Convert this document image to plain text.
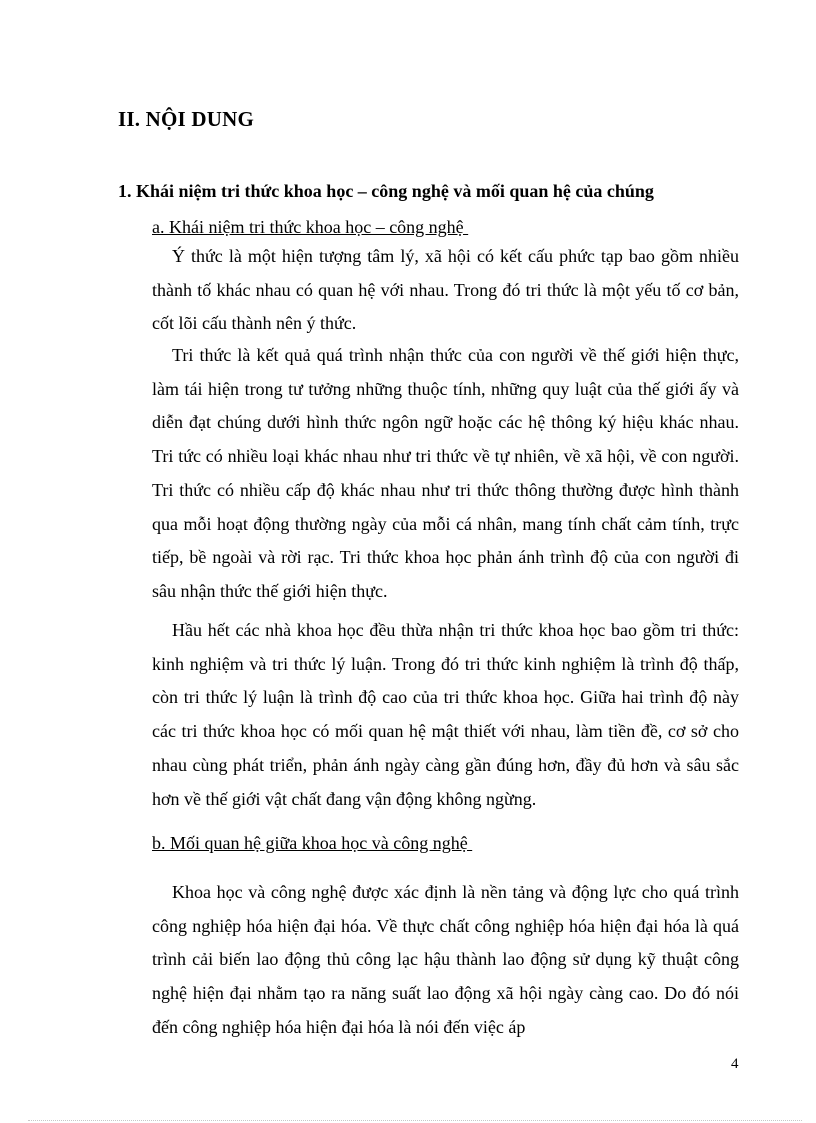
II. NỘI DUNG
1. Khái niệm tri thức khoa học – công nghệ và mối quan hệ của chúng
a. Khái niệm tri thức khoa học – công nghệ

Ý thức là một hiện tượng tâm lý, xã hội có kết cấu phức tạp bao gồm nhiều thành tố khác nhau có quan hệ với nhau. Trong đó tri thức là một yếu tố cơ bản, cốt lõi cấu thành nên ý thức.

Tri thức là kết quả quá trình nhận thức của con người về thế giới hiện thực, làm tái hiện trong tư tưởng những thuộc tính, những quy luật của thế giới ấy và diễn đạt chúng dưới hình thức ngôn ngữ hoặc các hệ thông ký hiệu khác nhau. Tri tức có nhiều loại khác nhau như tri thức về tự nhiên, về xã hội, về con người. Tri thức có nhiều cấp độ khác nhau như tri thức thông thường được hình thành qua mỗi hoạt động thường ngày của mỗi cá nhân, mang tính chất cảm tính, trực tiếp, bề ngoài và rời rạc. Tri thức khoa học phản ánh trình độ của con người đi sâu nhận thức thế giới hiện thực.

Hầu hết các nhà khoa học đều thừa nhận tri thức khoa học bao gồm tri thức: kinh nghiệm và tri thức lý luận. Trong đó tri thức kinh nghiệm là trình độ thấp, còn tri thức lý luận là trình độ cao của tri thức khoa học. Giữa hai trình độ này các tri thức khoa học có mối quan hệ mật thiết với nhau, làm tiền đề, cơ sở cho nhau cùng phát triển, phản ánh ngày càng gần đúng hơn, đầy đủ hơn và sâu sắc hơn về thế giới vật chất đang vận động không ngừng.

b. Mối quan hệ giữa khoa học và công nghệ

Khoa học và công nghệ được xác định là nền tảng và động lực cho quá trình công nghiệp hóa hiện đại hóa. Về thực chất công nghiệp hóa hiện đại hóa là quá trình cải biến lao động thủ công lạc hậu thành lao động sử dụng kỹ thuật công nghệ hiện đại nhằm tạo ra năng suất lao động xã hội ngày càng cao. Do đó nói đến công nghiệp hóa hiện đại hóa là nói đến việc áp

4
